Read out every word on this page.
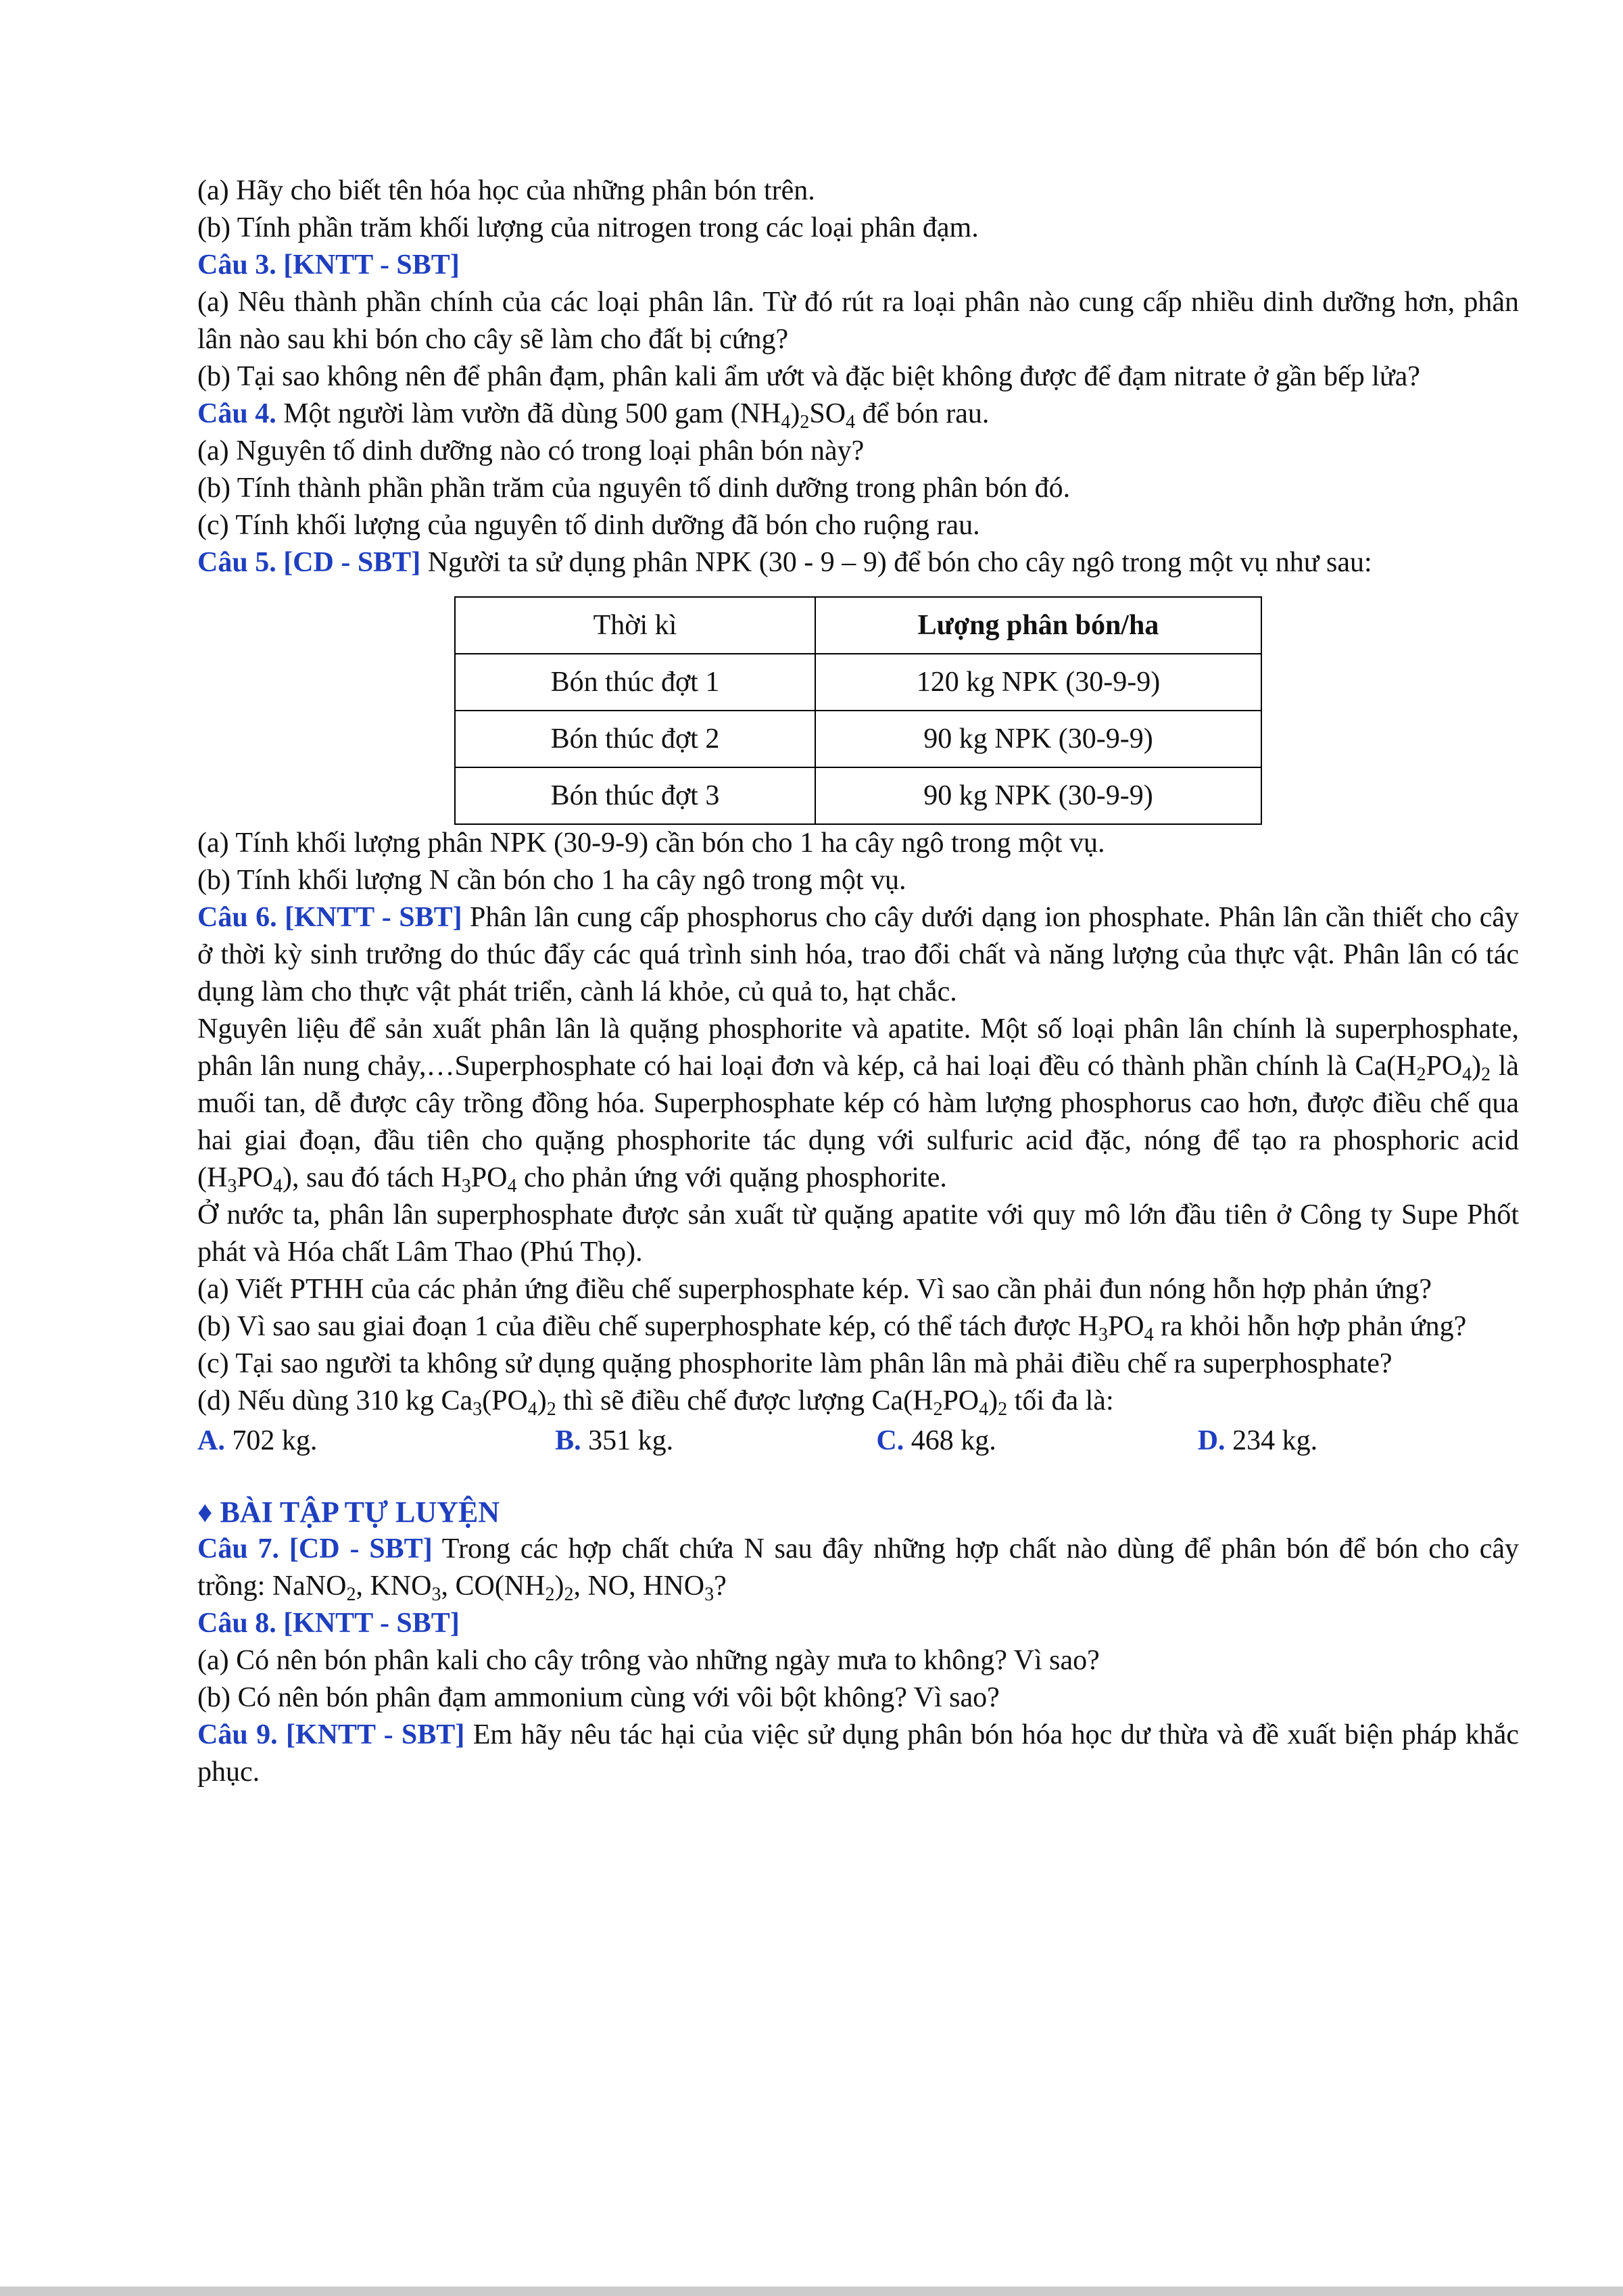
(a) Hãy cho biết tên hóa học của những phân bón trên.

(b) Tính phần trăm khối lượng của nitrogen trong các loại phân đạm.

Câu 3. [KNTT - SBT]

(a) Nêu thành phần chính của các loại phân lân. Từ đó rút ra loại phân nào cung cấp nhiều dinh dưỡng hơn, phân lân nào sau khi bón cho cây sẽ làm cho đất bị cứng?

(b) Tại sao không nên để phân đạm, phân kali ẩm ướt và đặc biệt không được để đạm nitrate ở gần bếp lửa?

Câu 4. Một người làm vườn đã dùng 500 gam $(NH_4)_2SO_4$ để bón rau.

(a) Nguyên tố dinh dưỡng nào có trong loại phân bón này?

(b) Tính thành phần phần trăm của nguyên tố dinh dưỡng trong phân bón đó.

(c) Tính khối lượng của nguyên tố dinh dưỡng đã bón cho ruộng rau.

Câu 5. [CD - SBT] Người ta sử dụng phân NPK (30 - 9 – 9) để bón cho cây ngô trong một vụ như sau:

Thời kì	Lượng phân bón/ha
Bón thúc đợt 1	120 kg NPK (30-9-9)
Bón thúc đợt 2	90 kg NPK (30-9-9)
Bón thúc đợt 3	90 kg NPK (30-9-9)

(a) Tính khối lượng phân NPK (30-9-9) cần bón cho 1 ha cây ngô trong một vụ.

(b) Tính khối lượng N cần bón cho 1 ha cây ngô trong một vụ.

Câu 6. [KNTT - SBT] Phân lân cung cấp phosphorus cho cây dưới dạng ion phosphate. Phân lân cần thiết cho cây ở thời kỳ sinh trưởng do thúc đẩy các quá trình sinh hóa, trao đổi chất và năng lượng của thực vật. Phân lân có tác dụng làm cho thực vật phát triển, cành lá khỏe, củ quả to, hạt chắc.

Nguyên liệu để sản xuất phân lân là quặng phosphorite và apatite. Một số loại phân lân chính là superphosphate, phân lân nung chảy,…Superphosphate có hai loại đơn và kép, cả hai loại đều có thành phần chính là $Ca(H_2PO_4)_2$ là muối tan, dễ được cây trồng đồng hóa. Superphosphate kép có hàm lượng phosphorus cao hơn, được điều chế qua hai giai đoạn, đầu tiên cho quặng phosphorite tác dụng với sulfuric acid đặc, nóng để tạo ra phosphoric acid $(H_3PO_4)$, sau đó tách $H_3PO_4$ cho phản ứng với quặng phosphorite.

Ở nước ta, phân lân superphosphate được sản xuất từ quặng apatite với quy mô lớn đầu tiên ở Công ty Supe Phốt phát và Hóa chất Lâm Thao (Phú Thọ).

(a) Viết PTHH của các phản ứng điều chế superphosphate kép. Vì sao cần phải đun nóng hỗn hợp phản ứng?

(b) Vì sao sau giai đoạn 1 của điều chế superphosphate kép, có thể tách được $H_3PO_4$ ra khỏi hỗn hợp phản ứng?

(c) Tại sao người ta không sử dụng quặng phosphorite làm phân lân mà phải điều chế ra superphosphate?

(d) Nếu dùng 310 kg $Ca_3(PO_4)_2$ thì sẽ điều chế được lượng $Ca(H_2PO_4)_2$ tối đa là:

A. 702 kg.	B. 351 kg.	C. 468 kg.	D. 234 kg.

♦ BÀI TẬP TỰ LUYỆN

Câu 7. [CD - SBT] Trong các hợp chất chứa N sau đây những hợp chất nào dùng để phân bón để bón cho cây trồng: NaNO$_2$, $KNO_3$, $CO(NH_2)_2$, NO, $HNO_3$?

Câu 8. [KNTT - SBT]

(a) Có nên bón phân kali cho cây trông vào những ngày mưa to không? Vì sao?

(b) Có nên bón phân đạm ammonium cùng với vôi bột không? Vì sao?

Câu 9. [KNTT - SBT] Em hãy nêu tác hại của việc sử dụng phân bón hóa học dư thừa và đề xuất biện pháp khắc phục.
